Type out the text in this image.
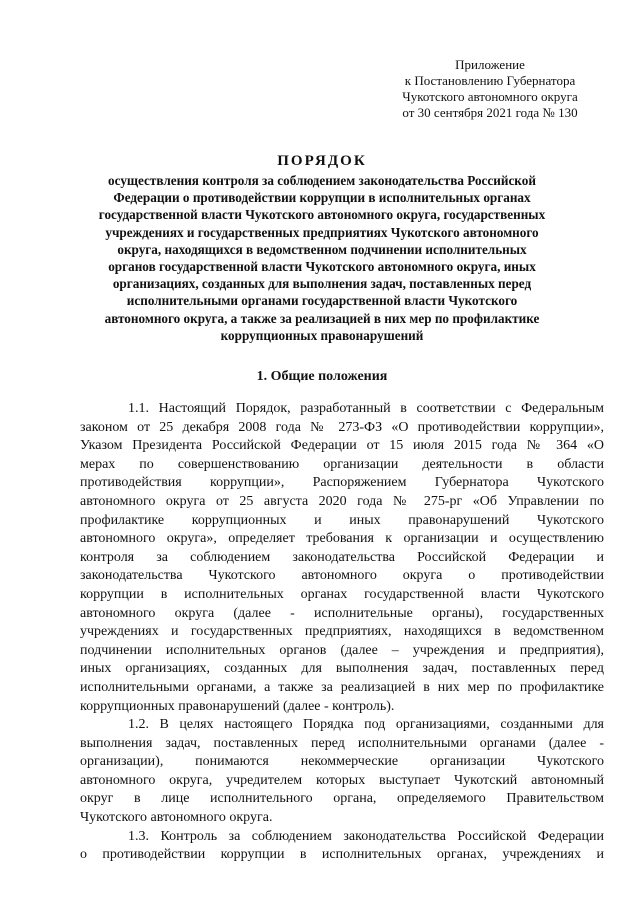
Приложение
к Постановлению Губернатора
Чукотского автономного округа
от 30 сентября 2021 года № 130
ПОРЯДОК
осуществления контроля за соблюдением законодательства Российской
Федерации о противодействии коррупции в исполнительных органах
государственной власти Чукотского автономного округа, государственных
учреждениях и государственных предприятиях Чукотского автономного
округа, находящихся в ведомственном подчинении исполнительных
органов государственной власти Чукотского автономного округа, иных
организациях, созданных для выполнения задач, поставленных перед
исполнительными органами государственной власти Чукотского
автономного округа, а также за реализацией в них мер по профилактике
коррупционных правонарушений
1. Общие положения
1.1. Настоящий Порядок, разработанный в соответствии с Федеральным
законом от 25 декабря 2008 года № 273-ФЗ «О противодействии коррупции»,
Указом Президента Российской Федерации от 15 июля 2015 года № 364 «О
мерах по совершенствованию организации деятельности в области
противодействия коррупции», Распоряжением Губернатора Чукотского
автономного округа от 25 августа 2020 года № 275-рг «Об Управлении по
профилактике коррупционных и иных правонарушений Чукотского
автономного округа», определяет требования к организации и осуществлению
контроля за соблюдением законодательства Российской Федерации и
законодательства Чукотского автономного округа о противодействии
коррупции в исполнительных органах государственной власти Чукотского
автономного округа (далее - исполнительные органы), государственных
учреждениях и государственных предприятиях, находящихся в ведомственном
подчинении исполнительных органов (далее – учреждения и предприятия),
иных организациях, созданных для выполнения задач, поставленных перед
исполнительными органами, а также за реализацией в них мер по профилактике
коррупционных правонарушений (далее - контроль).
1.2. В целях настоящего Порядка под организациями, созданными для
выполнения задач, поставленных перед исполнительными органами (далее -
организации), понимаются некоммерческие организации Чукотского
автономного округа, учредителем которых выступает Чукотский автономный
округ в лице исполнительного органа, определяемого Правительством
Чукотского автономного округа.
1.3. Контроль за соблюдением законодательства Российской Федерации
о противодействии коррупции в исполнительных органах, учреждениях и
